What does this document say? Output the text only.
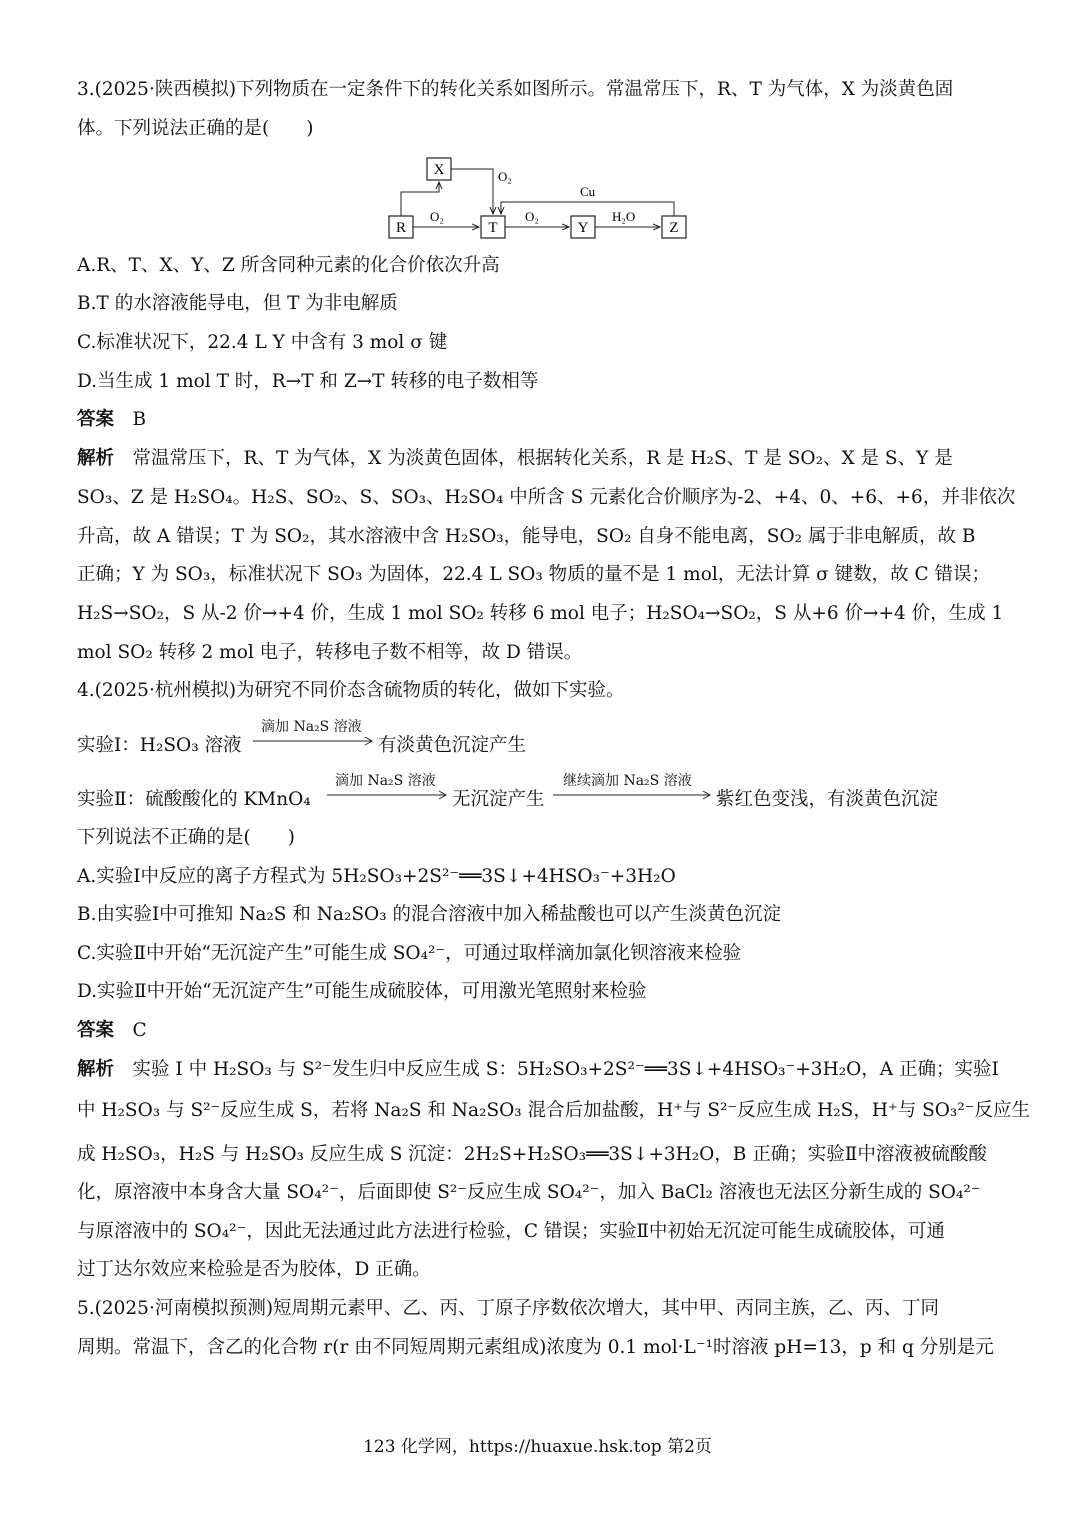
3.(2025·陕西模拟)下列物质在一定条件下的转化关系如图所示。常温常压下，R、T 为气体，X 为淡黄色固
体。下列说法正确的是(　　)
X
R	T	Y	Z
O₂
O₂	O₂	H₂O
Cu
A.R、T、X、Y、Z 所含同种元素的化合价依次升高
B.T 的水溶液能导电，但 T 为非电解质
C.标准状况下，22.4 L Y 中含有 3 mol σ 键
D.当生成 1 mol T 时，R→T 和 Z→T 转移的电子数相等
答案　 B
解析　 常温常压下，R、T 为气体，X 为淡黄色固体，根据转化关系，R 是 H₂S、T 是 SO₂、X 是 S、Y 是
SO₃、Z 是 H₂SO₄。H₂S、SO₂、S、SO₃、H₂SO₄ 中所含 S 元素化合价顺序为-2、+4、0、+6、+6，并非依次
升高，故 A 错误；T 为 SO₂，其水溶液中含 H₂SO₃，能导电，SO₂ 自身不能电离，SO₂ 属于非电解质，故 B
正确；Y 为 SO₃，标准状况下 SO₃ 为固体，22.4 L SO₃ 物质的量不是 1 mol，无法计算 σ 键数，故 C 错误；
H₂S→SO₂，S 从-2 价→+4 价，生成 1 mol SO₂ 转移 6 mol 电子；H₂SO₄→SO₂，S 从+6 价→+4 价，生成 1
mol SO₂ 转移 2 mol 电子，转移电子数不相等，故 D 错误。
4.(2025·杭州模拟)为研究不同价态含硫物质的转化，做如下实验。
实验Ⅰ：H₂SO₃ 溶液
滴加 Na₂S 溶液
有淡黄色沉淀产生
实验Ⅱ：硫酸酸化的 KMnO₄
滴加 Na₂S 溶液
无沉淀产生
继续滴加 Na₂S 溶液
紫红色变浅，有淡黄色沉淀
下列说法不正确的是(　　)
A.实验Ⅰ中反应的离子方程式为 5H₂SO₃+2S²⁻══3S↓+4HSO₃⁻+3H₂O
B.由实验Ⅰ中可推知 Na₂S 和 Na₂SO₃ 的混合溶液中加入稀盐酸也可以产生淡黄色沉淀
C.实验Ⅱ中开始“无沉淀产生”可能生成 SO₄²⁻，可通过取样滴加氯化钡溶液来检验
D.实验Ⅱ中开始“无沉淀产生”可能生成硫胶体，可用激光笔照射来检验
答案　 C
解析　 实验 Ⅰ 中 H₂SO₃ 与 S²⁻发生归中反应生成 S：5H₂SO₃+2S²⁻══3S↓+4HSO₃⁻+3H₂O，A 正确；实验Ⅰ
中 H₂SO₃ 与 S²⁻反应生成 S，若将 Na₂S 和 Na₂SO₃ 混合后加盐酸，H⁺与 S²⁻反应生成 H₂S，H⁺与 SO₃²⁻反应生
成 H₂SO₃，H₂S 与 H₂SO₃ 反应生成 S 沉淀：2H₂S+H₂SO₃══3S↓+3H₂O，B 正确；实验Ⅱ中溶液被硫酸酸
化，原溶液中本身含大量 SO₄²⁻，后面即使 S²⁻反应生成 SO₄²⁻，加入 BaCl₂ 溶液也无法区分新生成的 SO₄²⁻
与原溶液中的 SO₄²⁻，因此无法通过此方法进行检验，C 错误；实验Ⅱ中初始无沉淀可能生成硫胶体，可通
过丁达尔效应来检验是否为胶体，D 正确。
5.(2025·河南模拟预测)短周期元素甲、乙、丙、丁原子序数依次增大，其中甲、丙同主族，乙、丙、丁同
周期。常温下，含乙的化合物 r(r 由不同短周期元素组成)浓度为 0.1 mol·L⁻¹时溶液 pH=13，p 和 q 分别是元
123 化学网，https://huaxue.hsk.top 第2页
